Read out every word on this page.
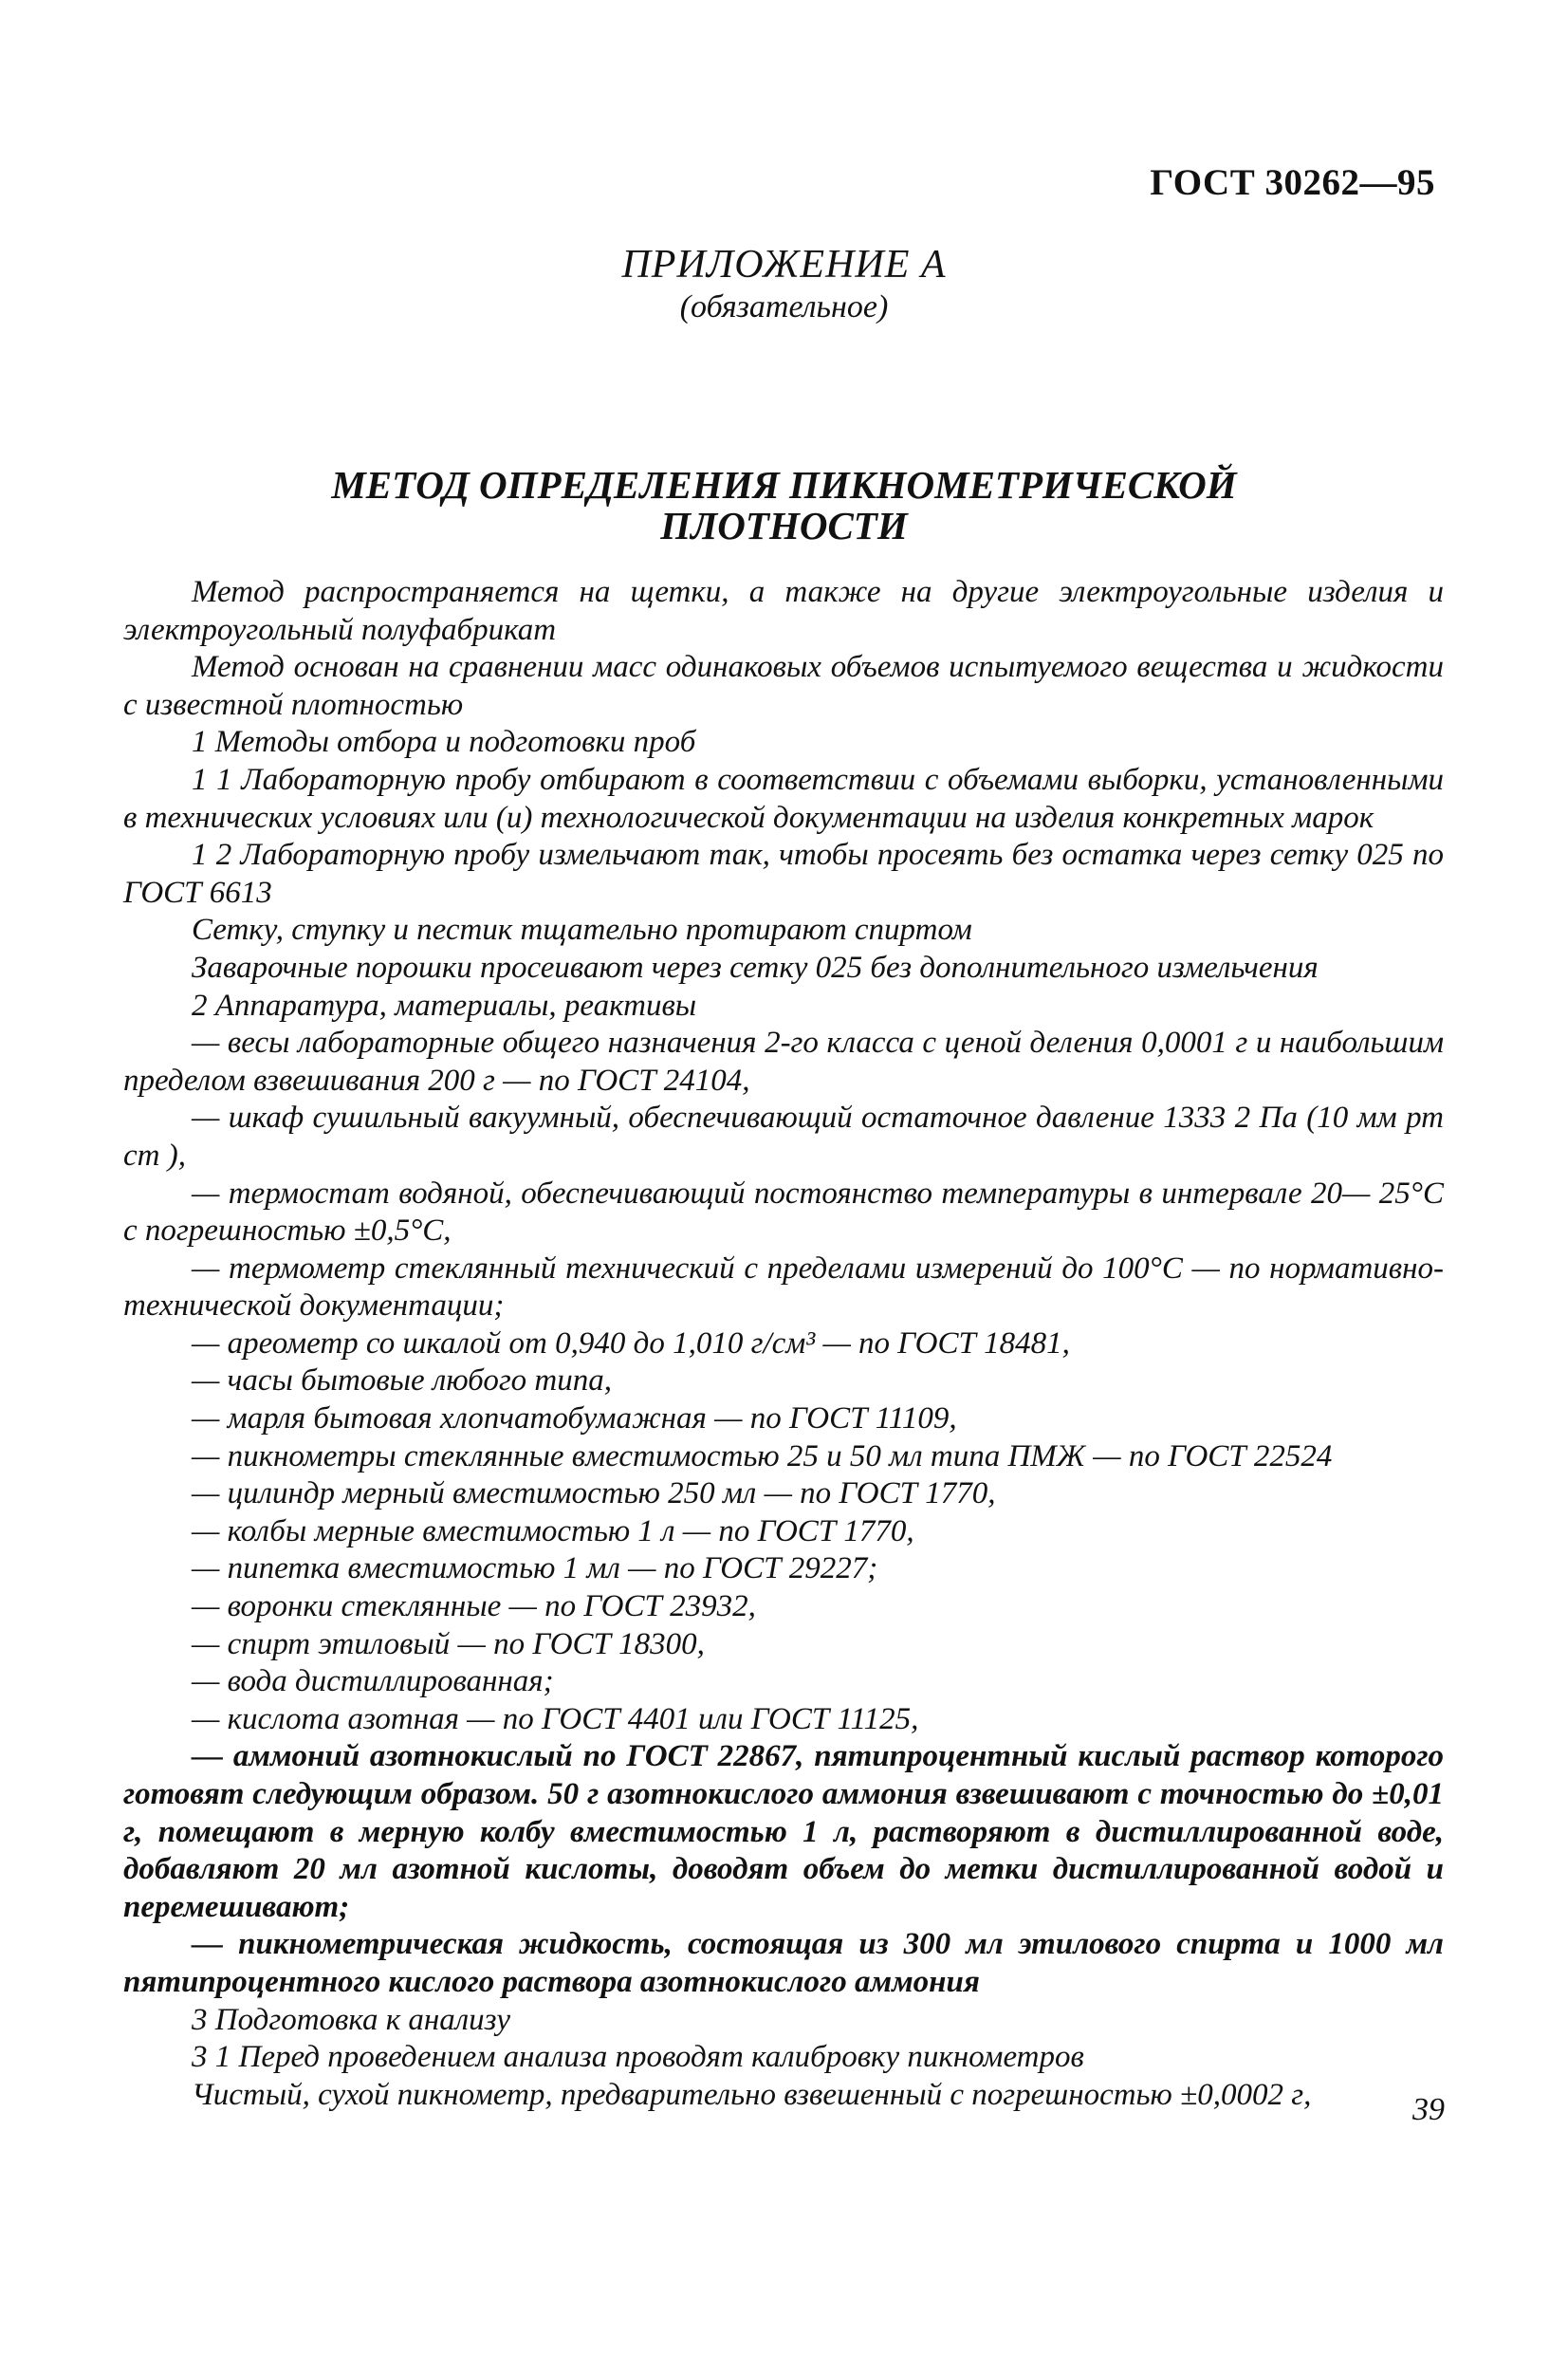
ГОСТ 30262—95
ПРИЛОЖЕНИЕ А
(обязательное)
МЕТОД ОПРЕДЕЛЕНИЯ ПИКНОМЕТРИЧЕСКОЙ ПЛОТНОСТИ

Метод распространяется на щетки, а также на другие электроугольные изделия и электроугольный полуфабрикат

Метод основан на сравнении масс одинаковых объемов испытуемого вещества и жидкости с известной плотностью

1 Методы отбора и подготовки проб

1 1 Лабораторную пробу отбирают в соответствии с объемами выборки, установленными в технических условиях или (и) технологической документации на изделия конкретных марок

1 2 Лабораторную пробу измельчают так, чтобы просеять без остатка через сетку 025 по ГОСТ 6613

Сетку, ступку и пестик тщательно протирают спиртом

Заварочные порошки просеивают через сетку 025 без дополнительного измельчения

2 Аппаратура, материалы, реактивы

— весы лабораторные общего назначения 2-го класса с ценой деления 0,0001 г и наибольшим пределом взвешивания 200 г — по ГОСТ 24104,

— шкаф сушильный вакуумный, обеспечивающий остаточное давление 1333 2 Па (10 мм рт ст ),

— термостат водяной, обеспечивающий постоянство температуры в интервале 20— 25°С с погрешностью ±0,5°С,

— термометр стеклянный технический с пределами измерений до 100°С — по нормативно-технической документации;

— ареометр со шкалой от 0,940 до 1,010 г/см³ — по ГОСТ 18481,

— часы бытовые любого типа,

— марля бытовая хлопчатобумажная — по ГОСТ 11109,

— пикнометры стеклянные вместимостью 25 и 50 мл типа ПМЖ — по ГОСТ 22524

— цилиндр мерный вместимостью 250 мл — по ГОСТ 1770,

— колбы мерные вместимостью 1 л — по ГОСТ 1770,

— пипетка вместимостью 1 мл — по ГОСТ 29227;

— воронки стеклянные — по ГОСТ 23932,

— спирт этиловый — по ГОСТ 18300,

— вода дистиллированная;

— кислота азотная — по ГОСТ 4401 или ГОСТ 11125,

— аммоний азотнокислый по ГОСТ 22867, пятипроцентный кислый раствор которого готовят следующим образом. 50 г азотнокислого аммония взвешивают с точностью до ±0,01 г, помещают в мерную колбу вместимостью 1 л, растворяют в дистиллированной воде, добавляют 20 мл азотной кислоты, доводят объем до метки дистиллированной водой и перемешивают;

— пикнометрическая жидкость, состоящая из 300 мл этилового спирта и 1000 мл пятипроцентного кислого раствора азотнокислого аммония

3 Подготовка к анализу

3 1 Перед проведением анализа проводят калибровку пикнометров

Чистый, сухой пикнометр, предварительно взвешенный с погрешностью ±0,0002 г,	39
